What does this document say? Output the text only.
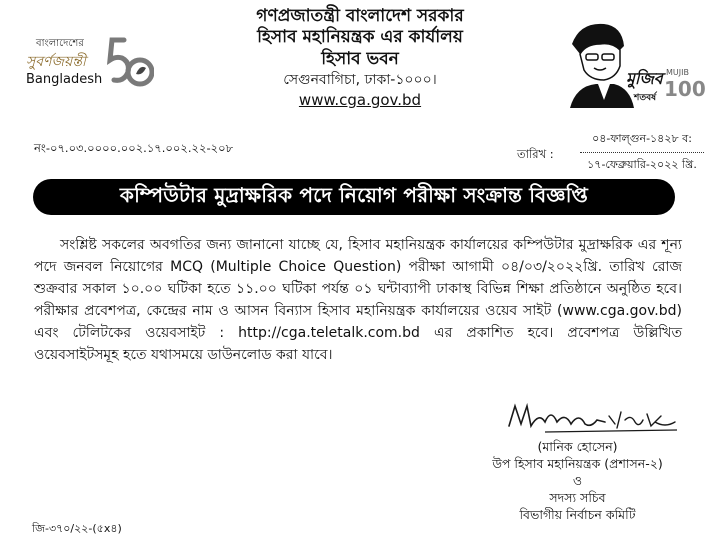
বাংলাদেশের
সুবর্ণজয়ন্তী
Bangladesh
গণপ্রজাতন্ত্রী বাংলাদেশ সরকার
হিসাব মহানিয়ন্ত্রক এর কার্যালয়
হিসাব ভবন
সেগুনবাগিচা, ঢাকা-১০০০।
www.cga.gov.bd
মুজিব
শতবর্ষ
MUJIB
100
নং-০৭.০৩.০০০০.০০২.১৭.০০২.২২-২০৮	তারিখ :
০৪-ফাল্গুন-১৪২৮ ব:
১৭-ফেব্রুয়ারি-২০২২ খ্রি.
কম্পিউটার মুদ্রাক্ষরিক পদে নিয়োগ পরীক্ষা সংক্রান্ত বিজ্ঞপ্তি

সংশ্লিষ্ট সকলের অবগতির জন্য জানানো যাচ্ছে যে, হিসাব মহানিয়ন্ত্রক কার্যালয়ের কম্পিউটার মুদ্রাক্ষরিক এর শূন্য পদে জনবল নিয়োগের MCQ (Multiple Choice Question) পরীক্ষা আগামী ০৪/০৩/২০২২খ্রি. তারিখ রোজ শুক্রবার সকাল ১০.০০ ঘটিকা হতে ১১.০০ ঘটিকা পর্যন্ত ০১ ঘন্টাব্যাপী ঢাকাস্থ বিভিন্ন শিক্ষা প্রতিষ্ঠানে অনুষ্ঠিত হবে। পরীক্ষার প্রবেশপত্র, কেন্দ্রের নাম ও আসন বিন্যাস হিসাব মহানিয়ন্ত্রক কার্যালয়ের ওয়েব সাইট (www.cga.gov.bd) এবং টেলিটকের ওয়েবসাইট : http://cga.teletalk.com.bd এর প্রকাশিত হবে। প্রবেশপত্র উল্লিখিত ওয়েবসাইটসমূহ হতে যথাসময়ে ডাউনলোড করা যাবে।

(মানিক হোসেন)
উপ হিসাব মহানিয়ন্ত্রক (প্রশাসন-২)
ও
সদস্য সচিব
বিভাগীয় নির্বাচন কমিটি
জি-৩৭০/২২-(৫x৪)
